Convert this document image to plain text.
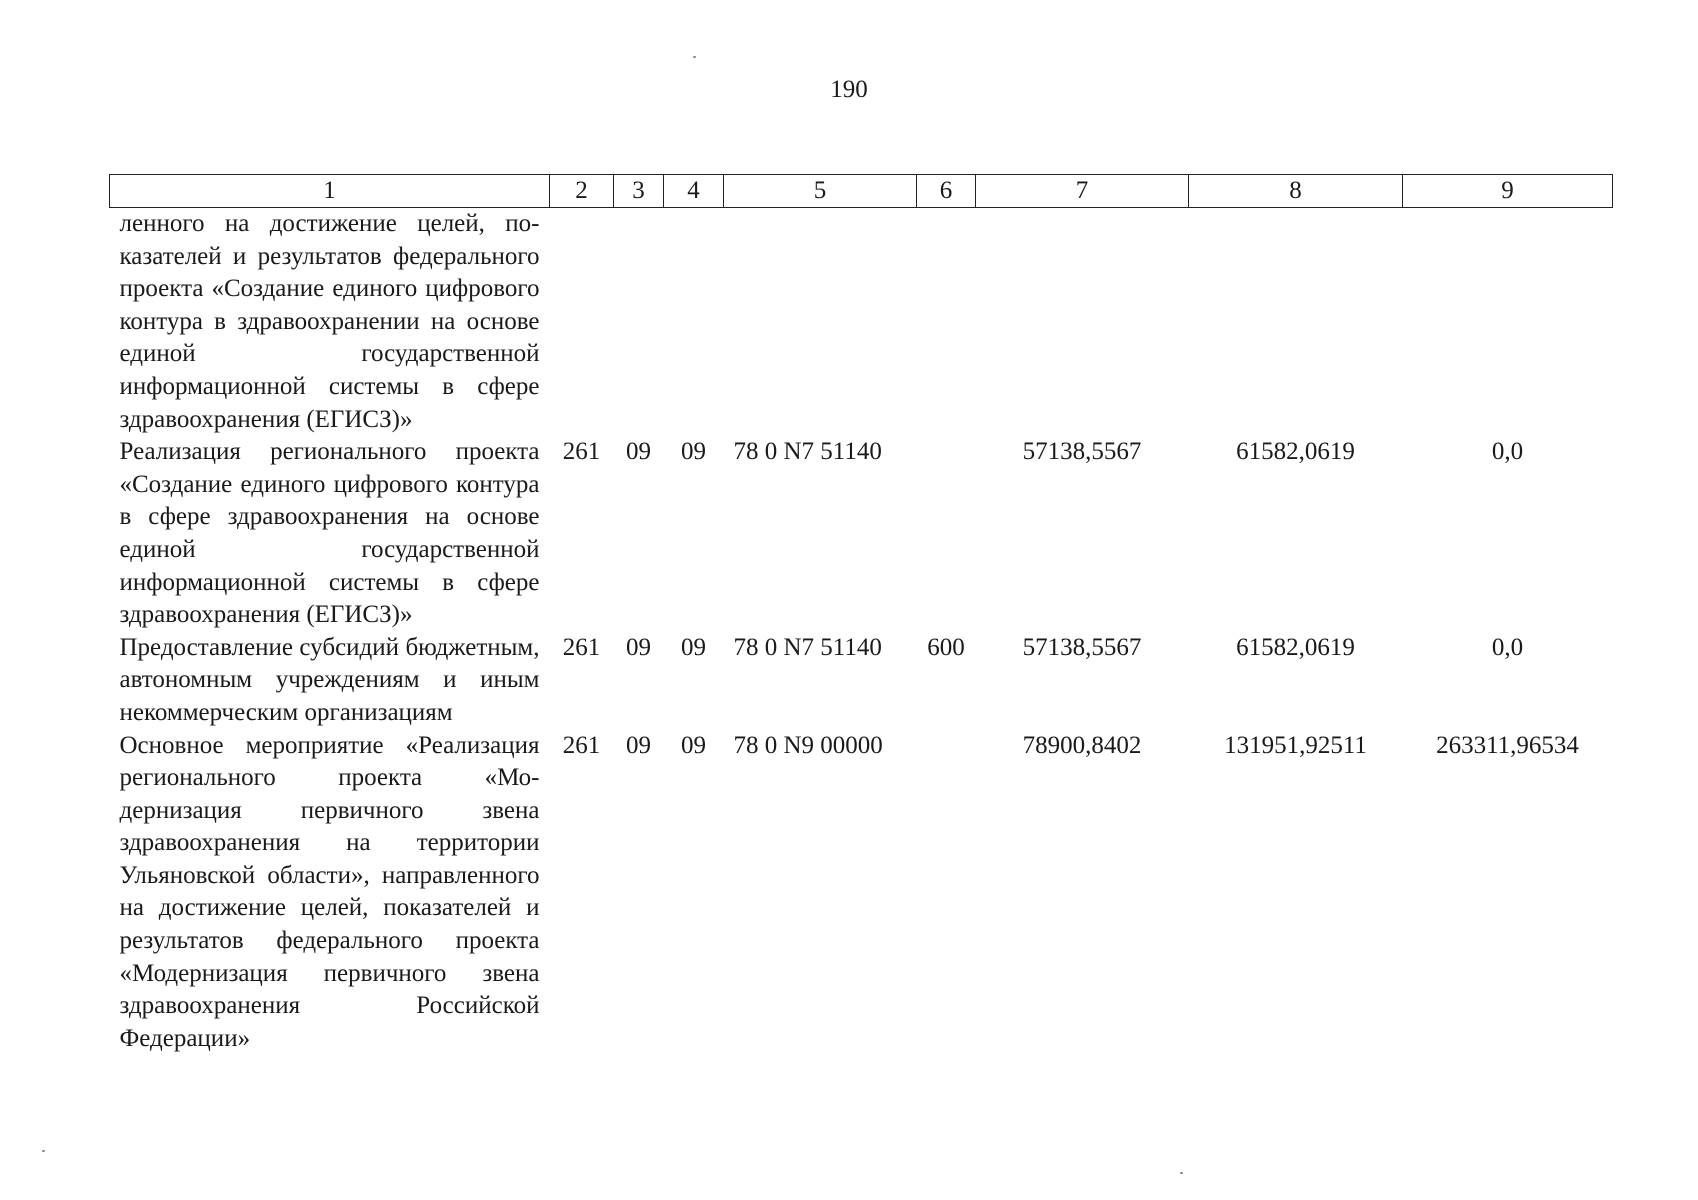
190
1	2	3	4	5	6	7	8	9
ленного на достижение целей, показателей и результатов федерального проекта «Создание единого цифрового контура в здравоохранении на основе единой государственной информационной системы в сфере здравоохранения (ЕГИСЗ)»								
Реализация регионального проекта «Создание единого цифрового контура в сфере здравоохранения на основе единой государственной информационной системы в сфере здравоохранения (ЕГИСЗ)»	261	09	09	78 0 N7 51140		57138,5567	61582,0619	0,0
Предоставление субсидий бюджетным, автономным учреждениям и иным некоммерческим организациям	261	09	09	78 0 N7 51140	600	57138,5567	61582,0619	0,0
Основное мероприятие «Реализация регионального проекта «Модернизация первичного звена здравоохранения на территории Ульяновской области», направленного на достижение целей, показателей и результатов федерального проекта «Модернизация первичного звена здравоохранения Российской Федерации»	261	09	09	78 0 N9 00000		78900,8402	131951,92511	263311,96534
